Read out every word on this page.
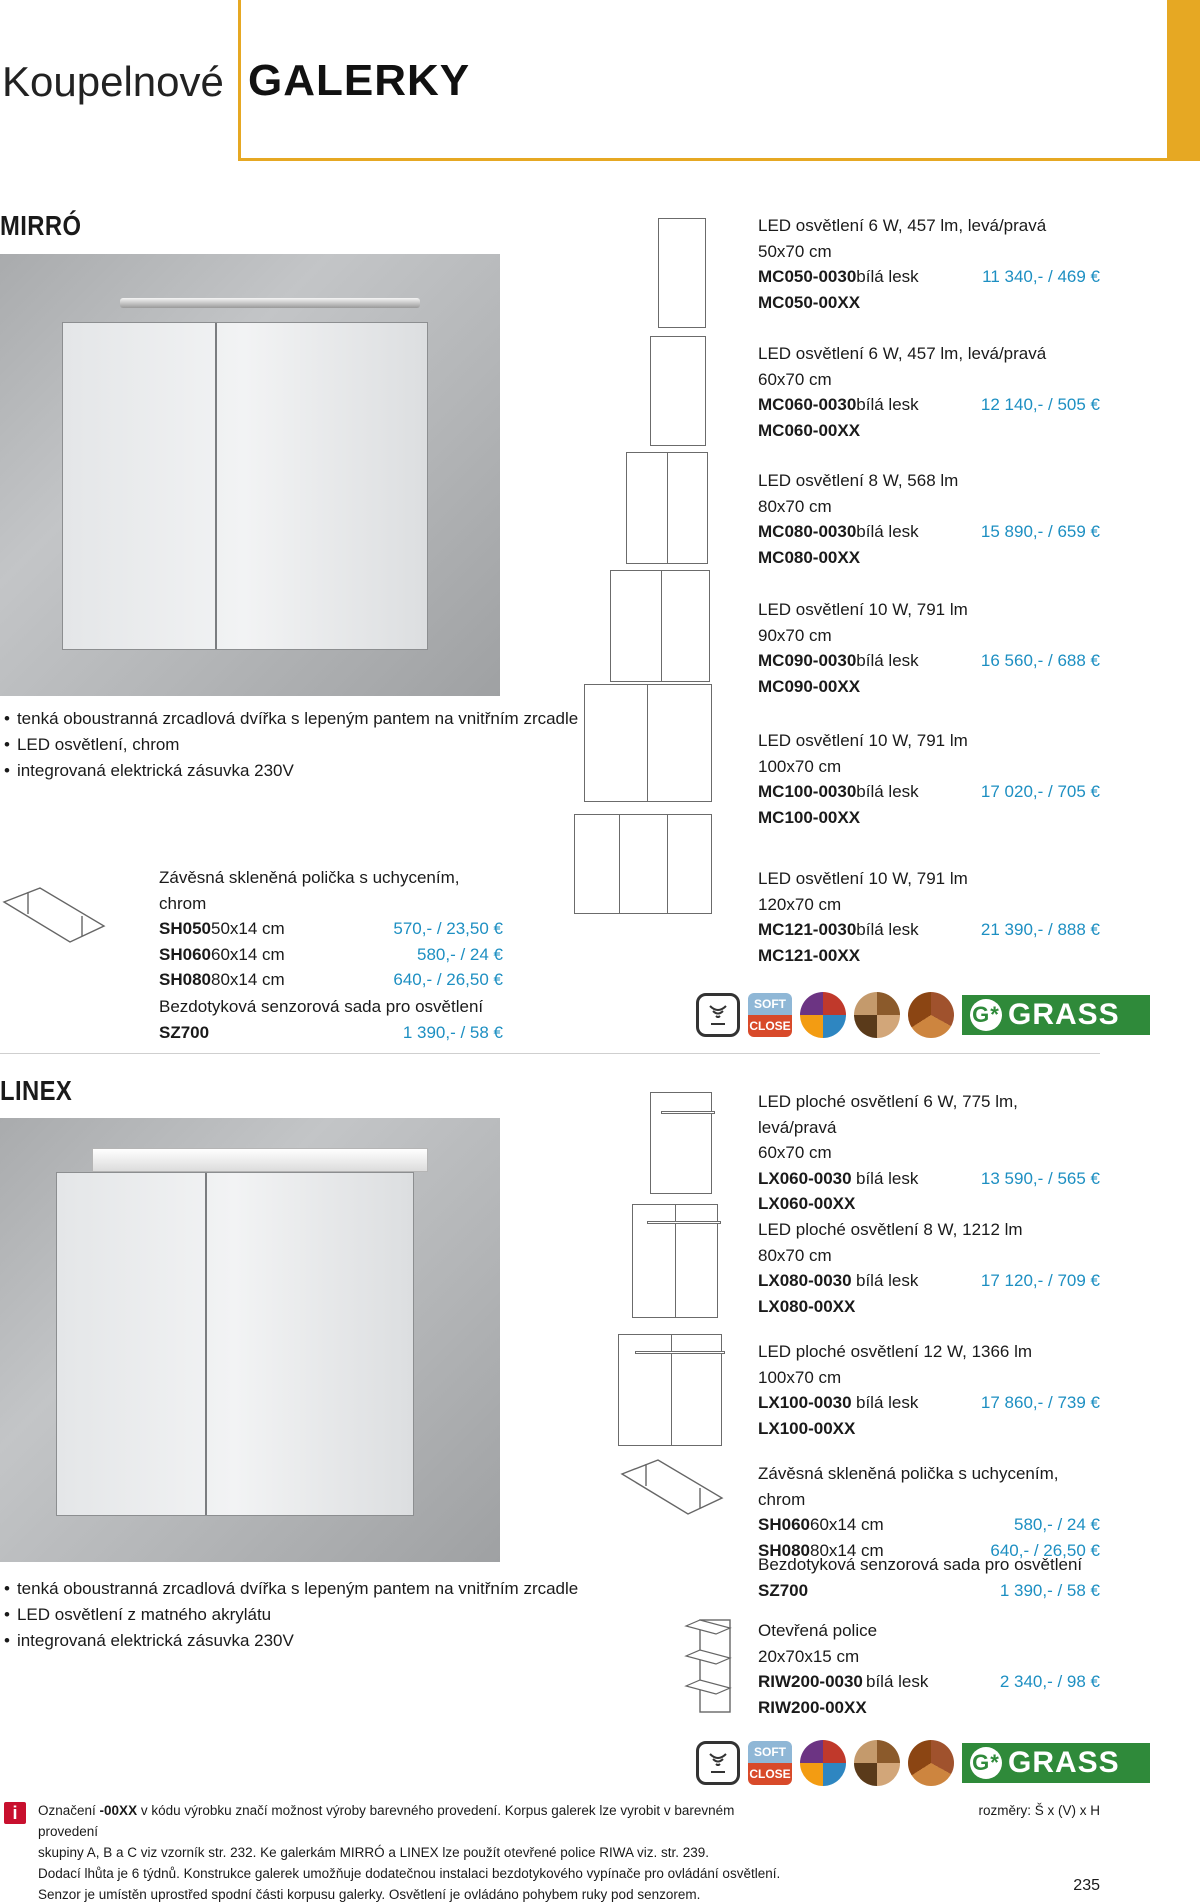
Koupelnové GALERKY
MIRRÓ
• tenká oboustranná zrcadlová dvířka s lepeným pantem na vnitřním zrcadle
• LED osvětlení, chrom
• integrovaná elektrická zásuvka 230V
LED osvětlení 6 W, 457 lm, levá/pravá
50x70 cm
MC050-0030 bílá lesk	11 340,- / 469 €
MC050-00XX
LED osvětlení 6 W, 457 lm, levá/pravá
60x70 cm
MC060-0030 bílá lesk	12 140,- / 505 €
MC060-00XX
LED osvětlení 8 W, 568 lm
80x70 cm
MC080-0030 bílá lesk	15 890,- / 659 €
MC080-00XX
LED osvětlení 10 W, 791 lm
90x70 cm
MC090-0030 bílá lesk	16 560,- / 688 €
MC090-00XX
LED osvětlení 10 W, 791 lm
100x70 cm
MC100-0030 bílá lesk	17 020,- / 705 €
MC100-00XX
LED osvětlení 10 W, 791 lm
120x70 cm
MC121-0030 bílá lesk	21 390,- / 888 €
MC121-00XX
Závěsná skleněná polička s uchycením, chrom
SH050 50x14 cm	570,- / 23,50 €
SH060 60x14 cm	580,- / 24 €
SH080 80x14 cm	640,- / 26,50 €
Bezdotyková senzorová sada pro osvětlení
SZ700	1 390,- / 58 €
SOFT
CLOSE	G* GRASS
LINEX
• tenká oboustranná zrcadlová dvířka s lepeným pantem na vnitřním zrcadle
• LED osvětlení z matného akrylátu
• integrovaná elektrická zásuvka 230V
LED ploché osvětlení 6 W, 775 lm, levá/pravá
60x70 cm
LX060-0030 bílá lesk	13 590,- / 565 €
LX060-00XX
LED ploché osvětlení 8 W, 1212 lm
80x70 cm
LX080-0030 bílá lesk	17 120,- / 709 €
LX080-00XX
LED ploché osvětlení 12 W, 1366 lm
100x70 cm
LX100-0030 bílá lesk	17 860,- / 739 €
LX100-00XX
Závěsná skleněná polička s uchycením, chrom
SH060 60x14 cm	580,- / 24 €
SH080 80x14 cm	640,- / 26,50 €
Bezdotyková senzorová sada pro osvětlení
SZ700	1 390,- / 58 €
Otevřená police
20x70x15 cm
RIW200-0030 bílá lesk	2 340,- / 98 €
RIW200-00XX
SOFT
CLOSE	G* GRASS
i	Označení -00XX v kódu výrobku značí možnost výroby barevného provedení. Korpus galerek lze vyrobit v barevném provedení
skupiny A, B a C viz vzorník str. 232. Ke galerkám MIRRÓ a LINEX lze použít otevřené police RIWA viz. str. 239.
Dodací lhůta je 6 týdnů. Konstrukce galerek umožňuje dodatečnou instalaci bezdotykového vypínače pro ovládání osvětlení.
Senzor je umístěn uprostřed spodní části korpusu galerky. Osvětlení je ovládáno pohybem ruky pod senzorem.
rozměry: Š x (V) x H
235
